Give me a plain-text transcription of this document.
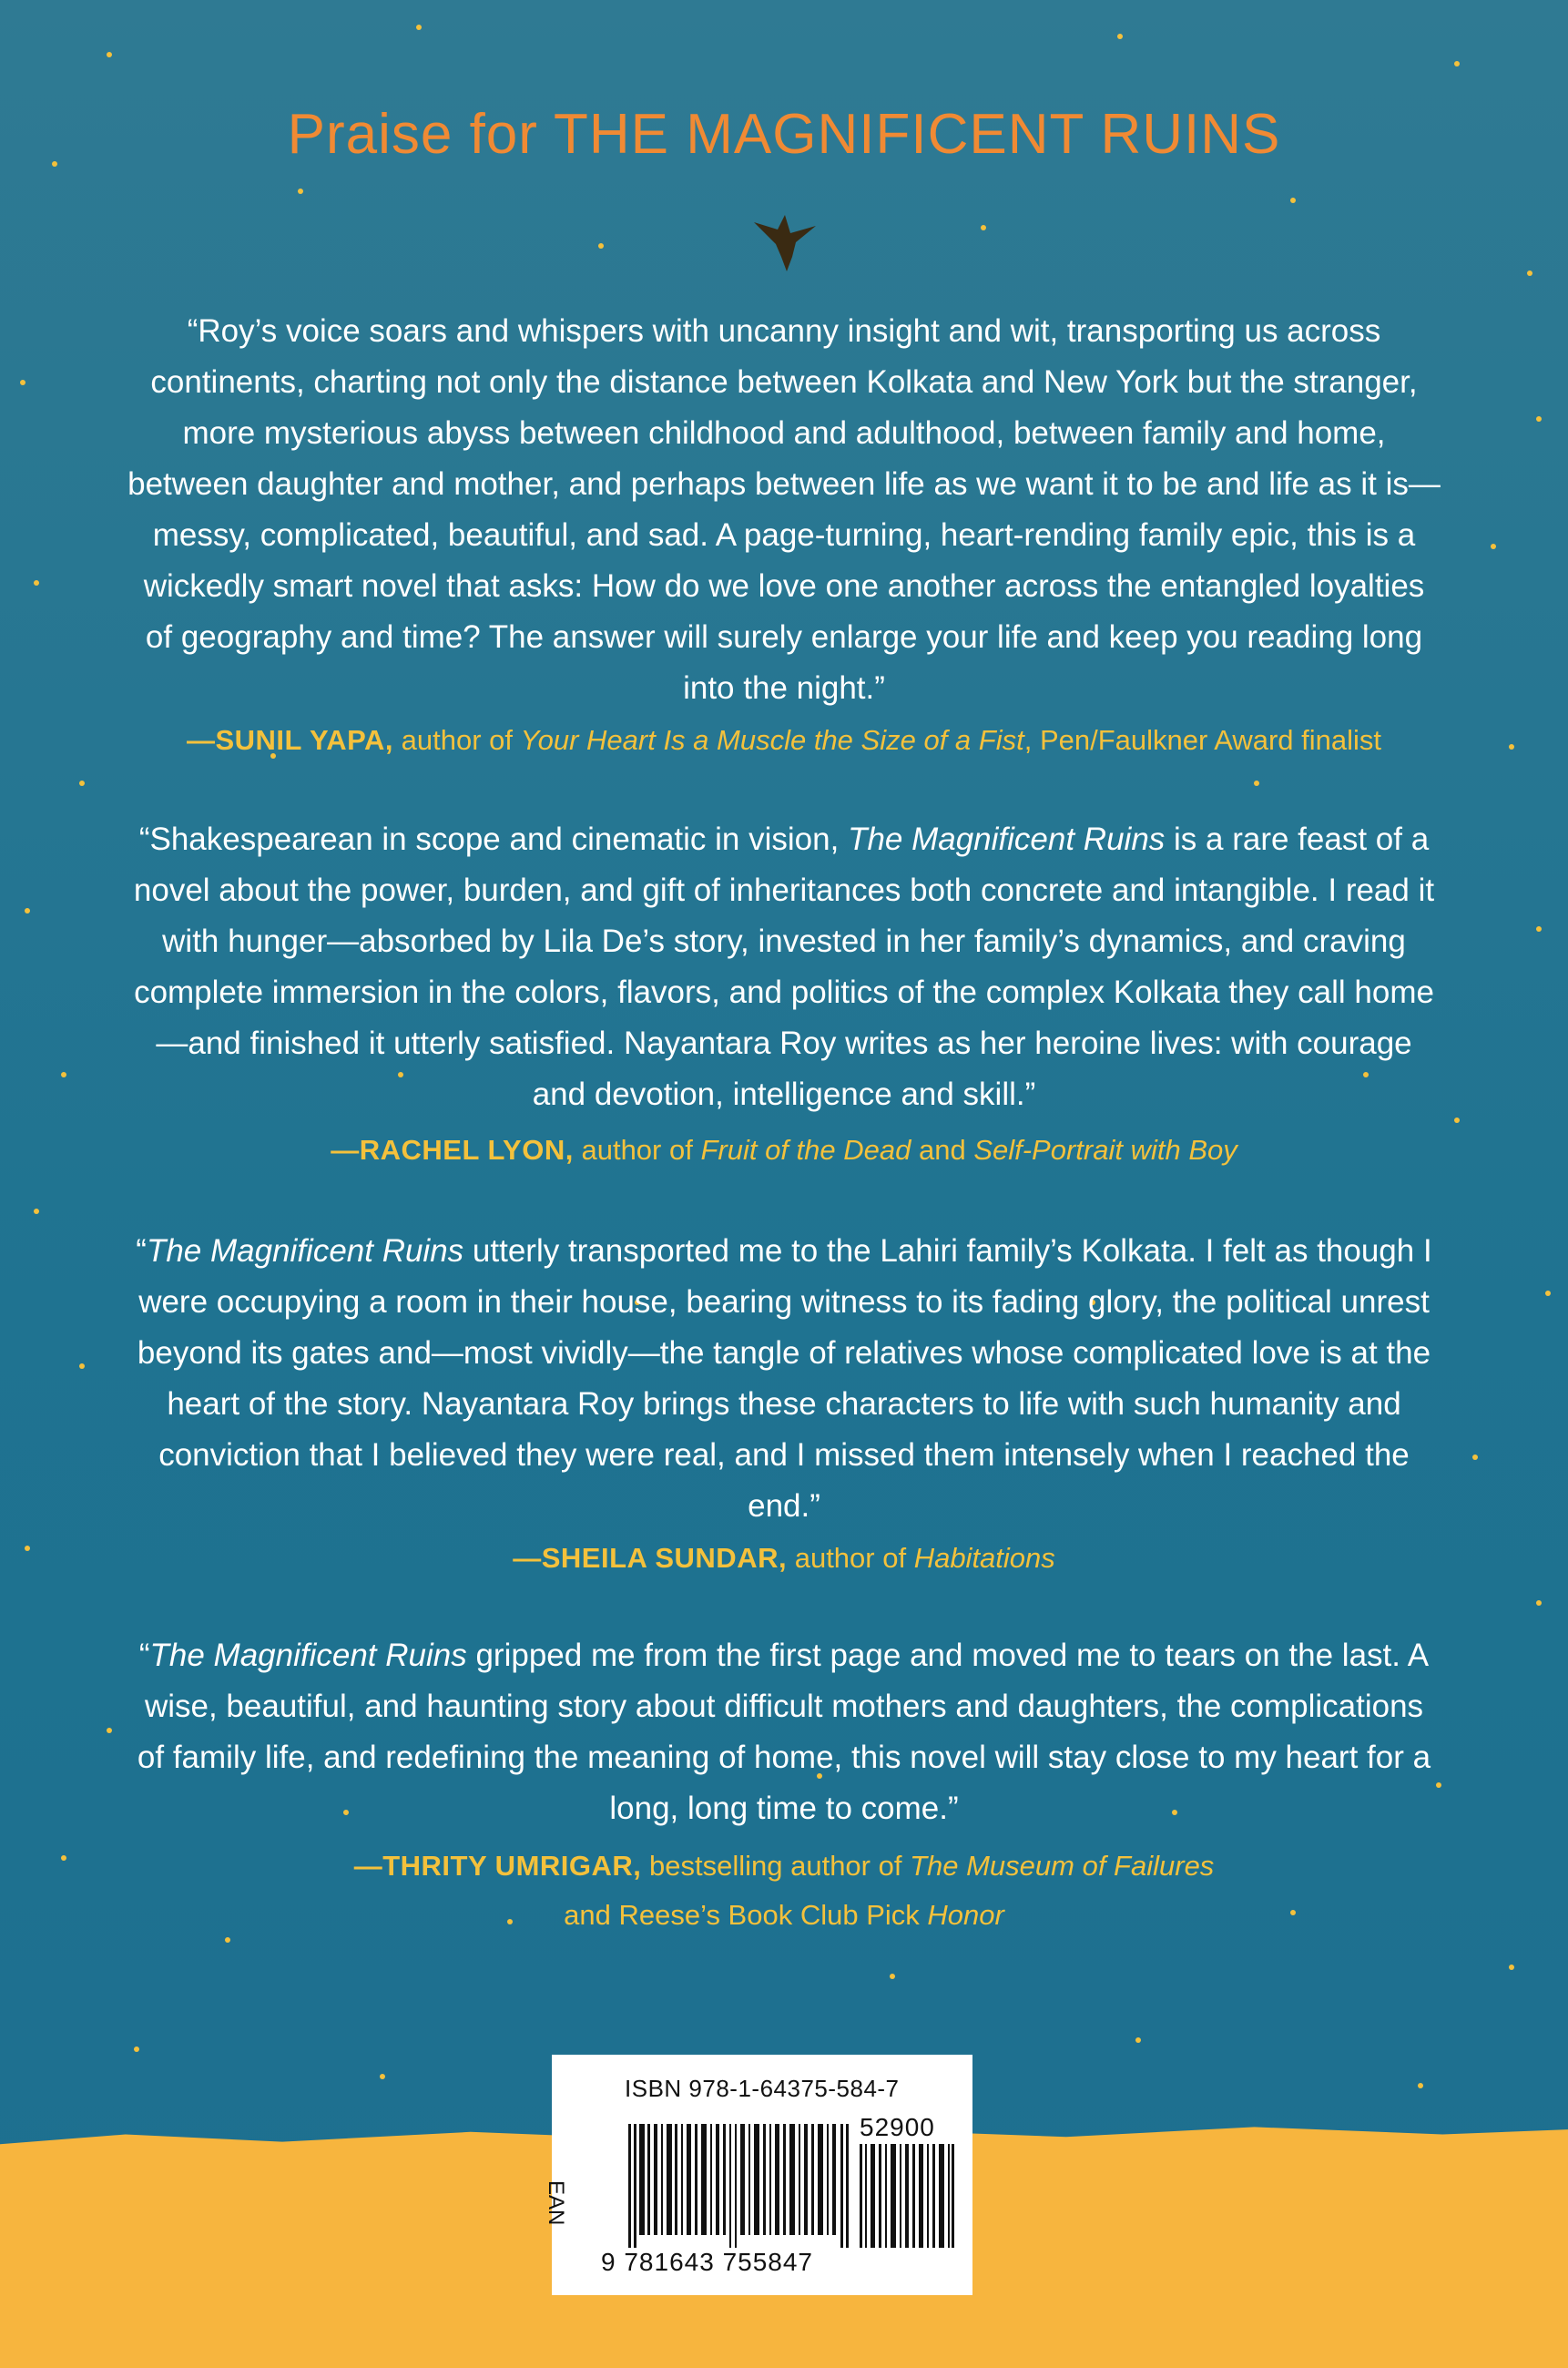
Praise for THE MAGNIFICENT RUINS

“Roy’s voice soars and whispers with uncanny insight and wit, transporting us across continents, charting not only the distance between Kolkata and New York but the stranger, more mysterious abyss between childhood and adulthood, between family and home, between daughter and mother, and perhaps between life as we want it to be and life as it is—messy, complicated, beautiful, and sad. A page-turning, heart-rending family epic, this is a wickedly smart novel that asks: How do we love one another across the entangled loyalties of geography and time? The answer will surely enlarge your life and keep you reading long into the night.”

—SUNIL YAPA, author of Your Heart Is a Muscle the Size of a Fist, Pen/Faulkner Award finalist

“Shakespearean in scope and cinematic in vision, The Magnificent Ruins is a rare feast of a novel about the power, burden, and gift of inheritances both concrete and intangible. I read it with hunger—absorbed by Lila De’s story, invested in her family’s dynamics, and craving complete immersion in the colors, flavors, and politics of the complex Kolkata they call home—and finished it utterly satisfied. Nayantara Roy writes as her heroine lives: with courage and devotion, intelligence and skill.”

—RACHEL LYON, author of Fruit of the Dead and Self-Portrait with Boy

“The Magnificent Ruins utterly transported me to the Lahiri family’s Kolkata. I felt as though I were occupying a room in their house, bearing witness to its fading glory, the political unrest beyond its gates and—most vividly—the tangle of relatives whose complicated love is at the heart of the story. Nayantara Roy brings these characters to life with such humanity and conviction that I believed they were real, and I missed them intensely when I reached the end.”

—SHEILA SUNDAR, author of Habitations

“The Magnificent Ruins gripped me from the first page and moved me to tears on the last. A wise, beautiful, and haunting story about difficult mothers and daughters, the complications of family life, and redefining the meaning of home, this novel will stay close to my heart for a long, long time to come.”

—THRITY UMRIGAR, bestselling author of The Museum of Failures
and Reese’s Book Club Pick Honor

ISBN 978-1-64375-584-7
EAN
52900
9 781643 755847
